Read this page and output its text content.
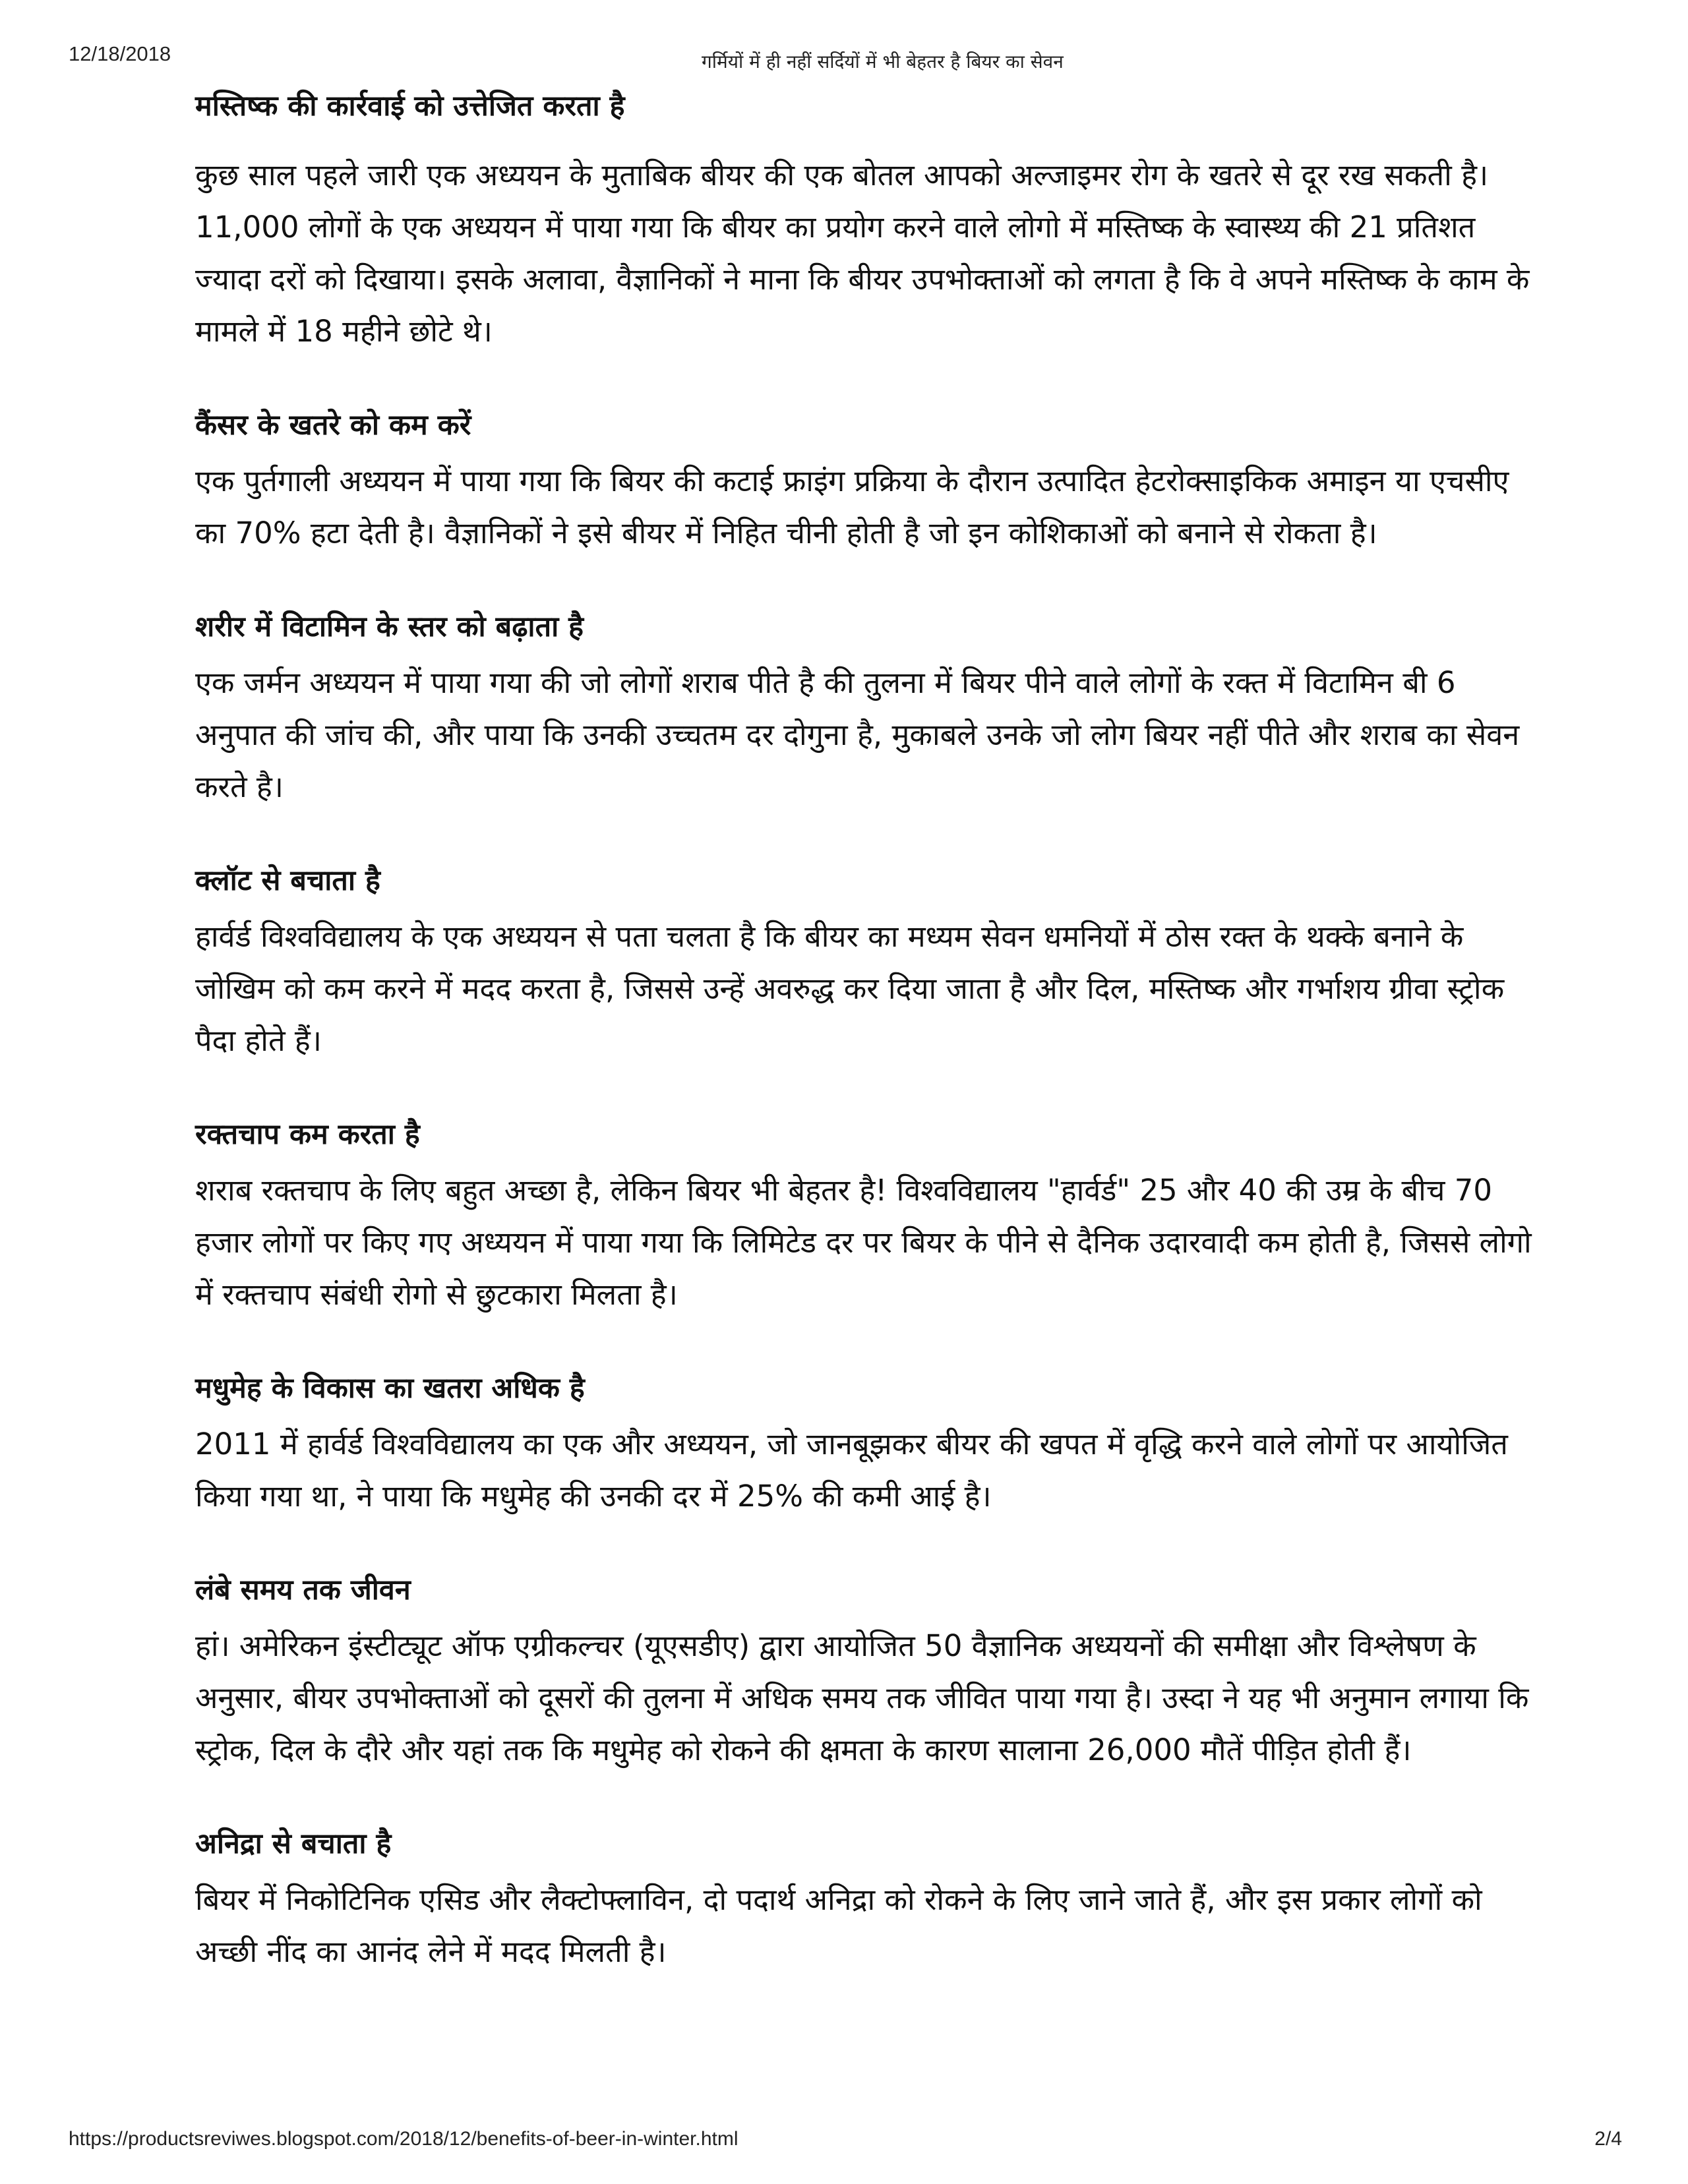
12/18/2018	गर्मियों में ही नहीं सर्दियों में भी बेहतर है बियर का सेवन
मस्तिष्क की कार्रवाई को उत्तेजित करता है

कुछ साल पहले जारी एक अध्ययन के मुताबिक बीयर की एक बोतल आपको अल्जाइमर रोग के खतरे से दूर रख सकती है। 11,000 लोगों के एक अध्ययन में पाया गया कि बीयर का प्रयोग करने वाले लोगो में मस्तिष्क के स्वास्थ्य की 21 प्रतिशत ज्यादा दरों को दिखाया। इसके अलावा, वैज्ञानिकों ने माना कि बीयर उपभोक्ताओं को लगता है कि वे अपने मस्तिष्क के काम के मामले में 18 महीने छोटे थे।

कैंसर के खतरे को कम करें

एक पुर्तगाली अध्ययन में पाया गया कि बियर की कटाई फ्राइंग प्रक्रिया के दौरान उत्पादित हेटरोक्साइकिक अमाइन या एचसीए का 70% हटा देती है। वैज्ञानिकों ने इसे बीयर में निहित चीनी होती है जो इन कोशिकाओं को बनाने से रोकता है।

शरीर में विटामिन के स्तर को बढ़ाता है

एक जर्मन अध्ययन में पाया गया की जो लोगों शराब पीते है की तुलना में बियर पीने वाले लोगों के रक्त में विटामिन बी 6 अनुपात की जांच की, और पाया कि उनकी उच्चतम दर दोगुना है, मुकाबले उनके जो लोग बियर नहीं पीते और शराब का सेवन करते है।

क्लॉट से बचाता है

हार्वर्ड विश्वविद्यालय के एक अध्ययन से पता चलता है कि बीयर का मध्यम सेवन धमनियों में ठोस रक्त के थक्के बनाने के जोखिम को कम करने में मदद करता है, जिससे उन्हें अवरुद्ध कर दिया जाता है और दिल, मस्तिष्क और गर्भाशय ग्रीवा स्ट्रोक पैदा होते हैं।

रक्तचाप कम करता है

शराब रक्तचाप के लिए बहुत अच्छा है, लेकिन बियर भी बेहतर है! विश्वविद्यालय "हार्वर्ड" 25 और 40 की उम्र के बीच 70 हजार लोगों पर किए गए अध्ययन में पाया गया कि लिमिटेड दर पर बियर के पीने से दैनिक उदारवादी कम होती है, जिससे लोगो में रक्तचाप संबंधी रोगो से छुटकारा मिलता है।

मधुमेह के विकास का खतरा अधिक है

2011 में हार्वर्ड विश्वविद्यालय का एक और अध्ययन, जो जानबूझकर बीयर की खपत में वृद्धि करने वाले लोगों पर आयोजित किया गया था, ने पाया कि मधुमेह की उनकी दर में 25% की कमी आई है।

लंबे समय तक जीवन

हां। अमेरिकन इंस्टीट्यूट ऑफ एग्रीकल्चर (यूएसडीए) द्वारा आयोजित 50 वैज्ञानिक अध्ययनों की समीक्षा और विश्लेषण के अनुसार, बीयर उपभोक्ताओं को दूसरों की तुलना में अधिक समय तक जीवित पाया गया है। उस्दा ने यह भी अनुमान लगाया कि स्ट्रोक, दिल के दौरे और यहां तक कि मधुमेह को रोकने की क्षमता के कारण सालाना 26,000 मौतें पीड़ित होती हैं।

अनिद्रा से बचाता है

बियर में निकोटिनिक एसिड और लैक्टोफ्लाविन, दो पदार्थ अनिद्रा को रोकने के लिए जाने जाते हैं, और इस प्रकार लोगों को अच्छी नींद का आनंद लेने में मदद मिलती है।

https://productsreviwes.blogspot.com/2018/12/benefits-of-beer-in-winter.html	2/4
